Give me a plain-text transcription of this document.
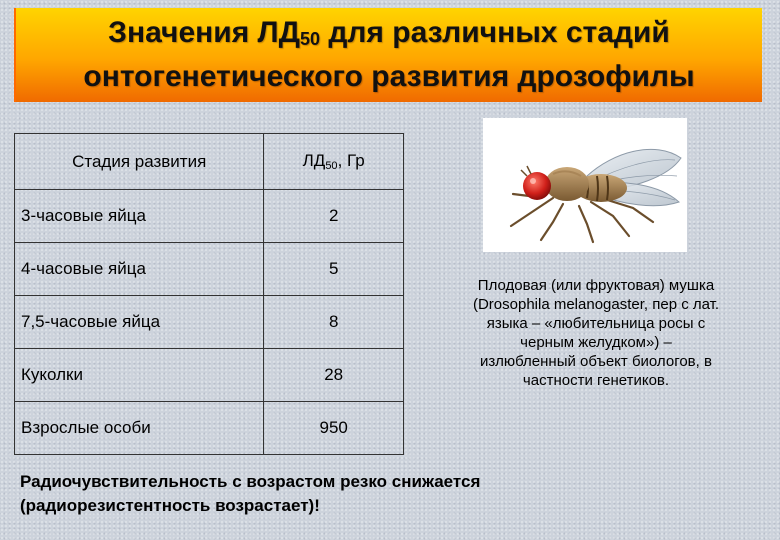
Значения $ЛД_{50}$ для различных стадий
онтогенетического развития дрозофилы
Стадия развития	$ЛД_{50}$, Гр
3-часовые яйца	2
4-часовые яйца	5
7,5-часовые яйца	8
Куколки	28
Взрослые особи	950
Плодовая (или фруктовая) мушка
(Drosophila melanogaster, пер с лат.
языка – «любительница росы с
черным желудком») –
излюбленный объект биологов, в
частности генетиков.
Радиочувствительность с возрастом резко снижается
(радиорезистентность возрастает)!
